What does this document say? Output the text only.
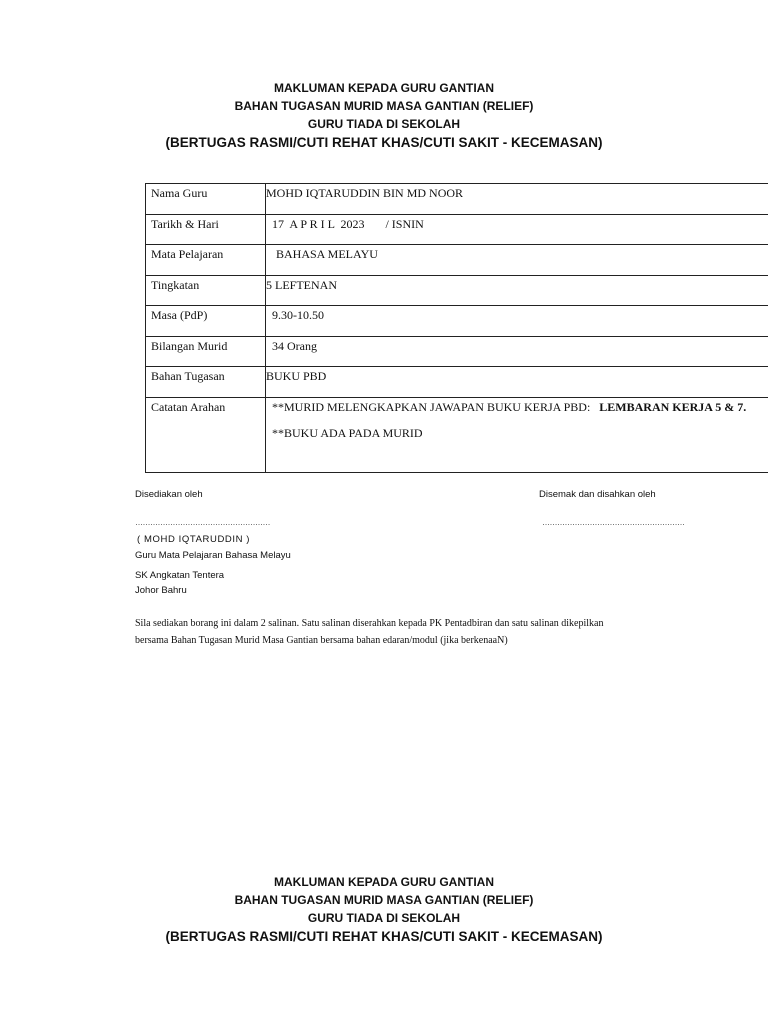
MAKLUMAN KEPADA GURU GANTIAN
BAHAN TUGASAN MURID MASA GANTIAN (RELIEF)
GURU TIADA DI SEKOLAH
(BERTUGAS RASMI/CUTI REHAT KHAS/CUTI SAKIT - KECEMASAN)
Nama Guru	MOHD IQTARUDDIN BIN MD NOOR
Tarikh & Hari	17  A P R I L  2023       / ISNIN
Mata Pelajaran	BAHASA MELAYU
Tingkatan	5 LEFTENAN
Masa (PdP)	9.30-10.50
Bilangan Murid	34 Orang
Bahan Tugasan	BUKU PBD
Catatan Arahan	**MURID MELENGKAPKAN JAWAPAN BUKU KERJA PBD: LEMBARAN KERJA 5 & 7. **BUKU ADA PADA MURID
Disediakan oleh	Disemak dan disahkan oleh
………………………………………………	…………………………………………………
( MOHD IQTARUDDIN )
Guru Mata Pelajaran Bahasa Melayu
SK Angkatan Tentera
Johor Bahru
Sila sediakan borang ini dalam 2 salinan. Satu salinan diserahkan kepada PK Pentadbiran dan satu salinan dikepilkan
bersama Bahan Tugasan Murid Masa Gantian bersama bahan edaran/modul (jika berkenaaN)
MAKLUMAN KEPADA GURU GANTIAN
BAHAN TUGASAN MURID MASA GANTIAN (RELIEF)
GURU TIADA DI SEKOLAH
(BERTUGAS RASMI/CUTI REHAT KHAS/CUTI SAKIT - KECEMASAN)
